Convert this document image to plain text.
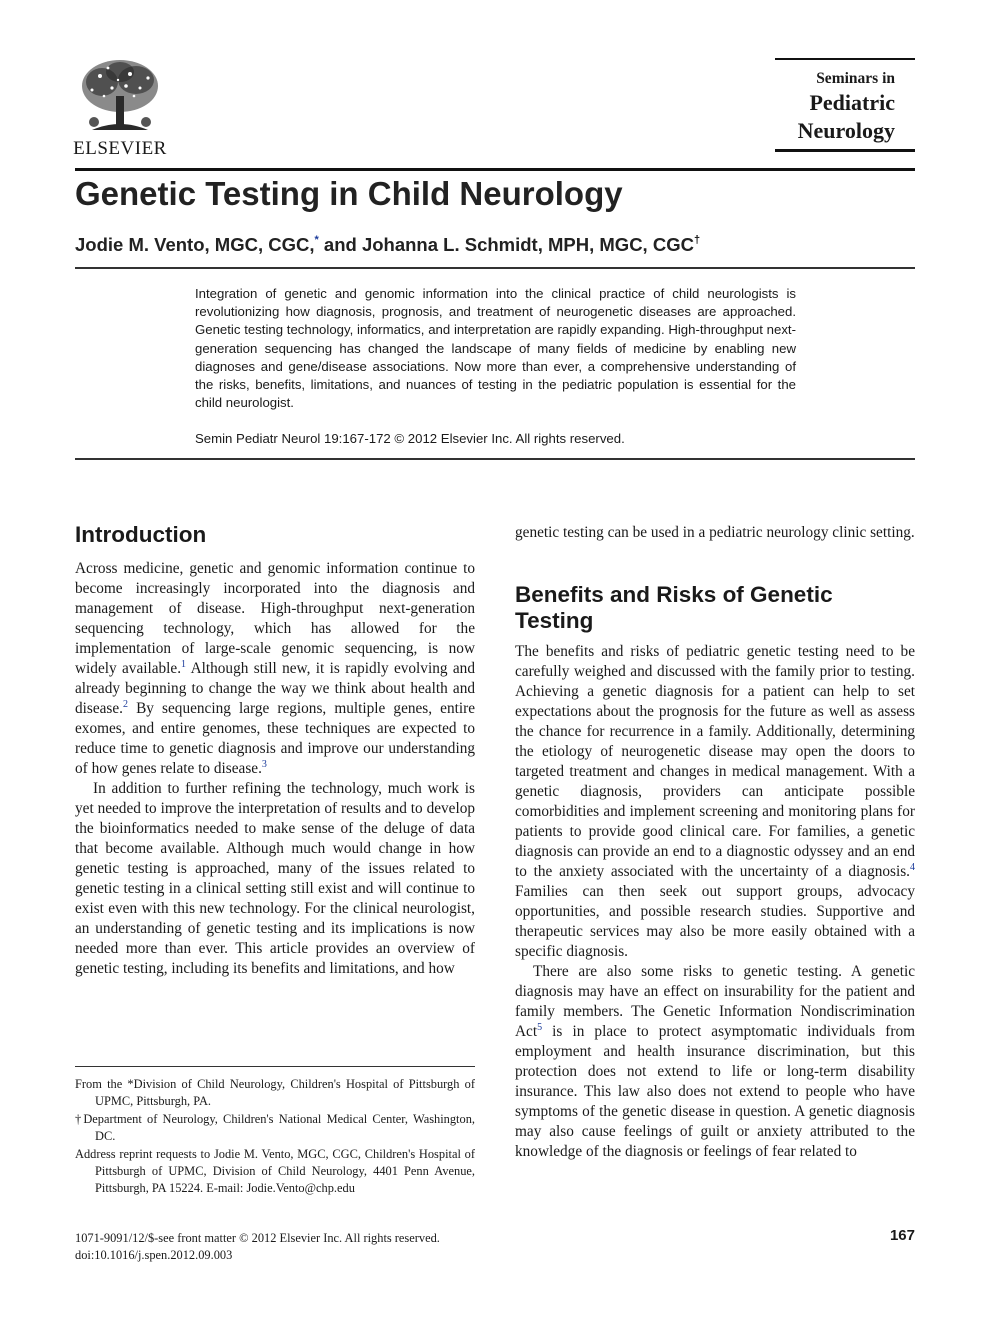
ELSEVIER
Seminars in
Pediatric
Neurology
Genetic Testing in Child Neurology
Jodie M. Vento, MGC, CGC,* and Johanna L. Schmidt, MPH, MGC, CGC†

Integration of genetic and genomic information into the clinical practice of child neurologists is revolutionizing how diagnosis, prognosis, and treatment of neurogenetic diseases are approached. Genetic testing technology, informatics, and interpretation are rapidly expanding. High-throughput next-generation sequencing has changed the landscape of many fields of medicine by enabling new diagnoses and gene/disease associations. Now more than ever, a comprehensive understanding of the risks, benefits, limitations, and nuances of testing in the pediatric population is essential for the child neurologist.

Semin Pediatr Neurol 19:167-172 © 2012 Elsevier Inc. All rights reserved.
Introduction

Across medicine, genetic and genomic information continue to become increasingly incorporated into the diagnosis and management of disease. High-throughput next-generation sequencing technology, which has allowed for the implementation of large-scale genomic sequencing, is now widely available.$^1$ Although still new, it is rapidly evolving and already beginning to change the way we think about health and disease.$^2$ By sequencing large regions, multiple genes, entire exomes, and entire genomes, these techniques are expected to reduce time to genetic diagnosis and improve our understanding of how genes relate to disease.$^3$

In addition to further refining the technology, much work is yet needed to improve the interpretation of results and to develop the bioinformatics needed to make sense of the deluge of data that become available. Although much would change in how genetic testing is approached, many of the issues related to genetic testing in a clinical setting still exist and will continue to exist even with this new technology. For the clinical neurologist, an understanding of genetic testing and its implications is now needed more than ever. This article provides an overview of genetic testing, including its benefits and limitations, and how

genetic testing can be used in a pediatric neurology clinic setting.

Benefits and Risks of Genetic Testing

The benefits and risks of pediatric genetic testing need to be carefully weighed and discussed with the family prior to testing. Achieving a genetic diagnosis for a patient can help to set expectations about the prognosis for the future as well as assess the chance for recurrence in a family. Additionally, determining the etiology of neurogenetic disease may open the doors to targeted treatment and changes in medical management. With a genetic diagnosis, providers can anticipate possible comorbidities and implement screening and monitoring plans for patients to provide good clinical care. For families, a genetic diagnosis can provide an end to a diagnostic odyssey and an end to the anxiety associated with the uncertainty of a diagnosis.$^4$ Families can then seek out support groups, advocacy opportunities, and possible research studies. Supportive and therapeutic services may also be more easily obtained with a specific diagnosis.

There are also some risks to genetic testing. A genetic diagnosis may have an effect on insurability for the patient and family members. The Genetic Information Nondiscrimination Act$^5$ is in place to protect asymptomatic individuals from employment and health insurance discrimination, but this protection does not extend to life or long-term disability insurance. This law also does not extend to people who have symptoms of the genetic disease in question. A genetic diagnosis may also cause feelings of guilt or anxiety attributed to the knowledge of the diagnosis or feelings of fear related to

From the *Division of Child Neurology, Children's Hospital of Pittsburgh of UPMC, Pittsburgh, PA.

†Department of Neurology, Children's National Medical Center, Washington, DC.

Address reprint requests to Jodie M. Vento, MGC, CGC, Children's Hospital of Pittsburgh of UPMC, Division of Child Neurology, 4401 Penn Avenue, Pittsburgh, PA 15224. E-mail: Jodie.Vento@chp.edu

1071-9091/12/$-see front matter © 2012 Elsevier Inc. All rights reserved.
doi:10.1016/j.spen.2012.09.003
167
